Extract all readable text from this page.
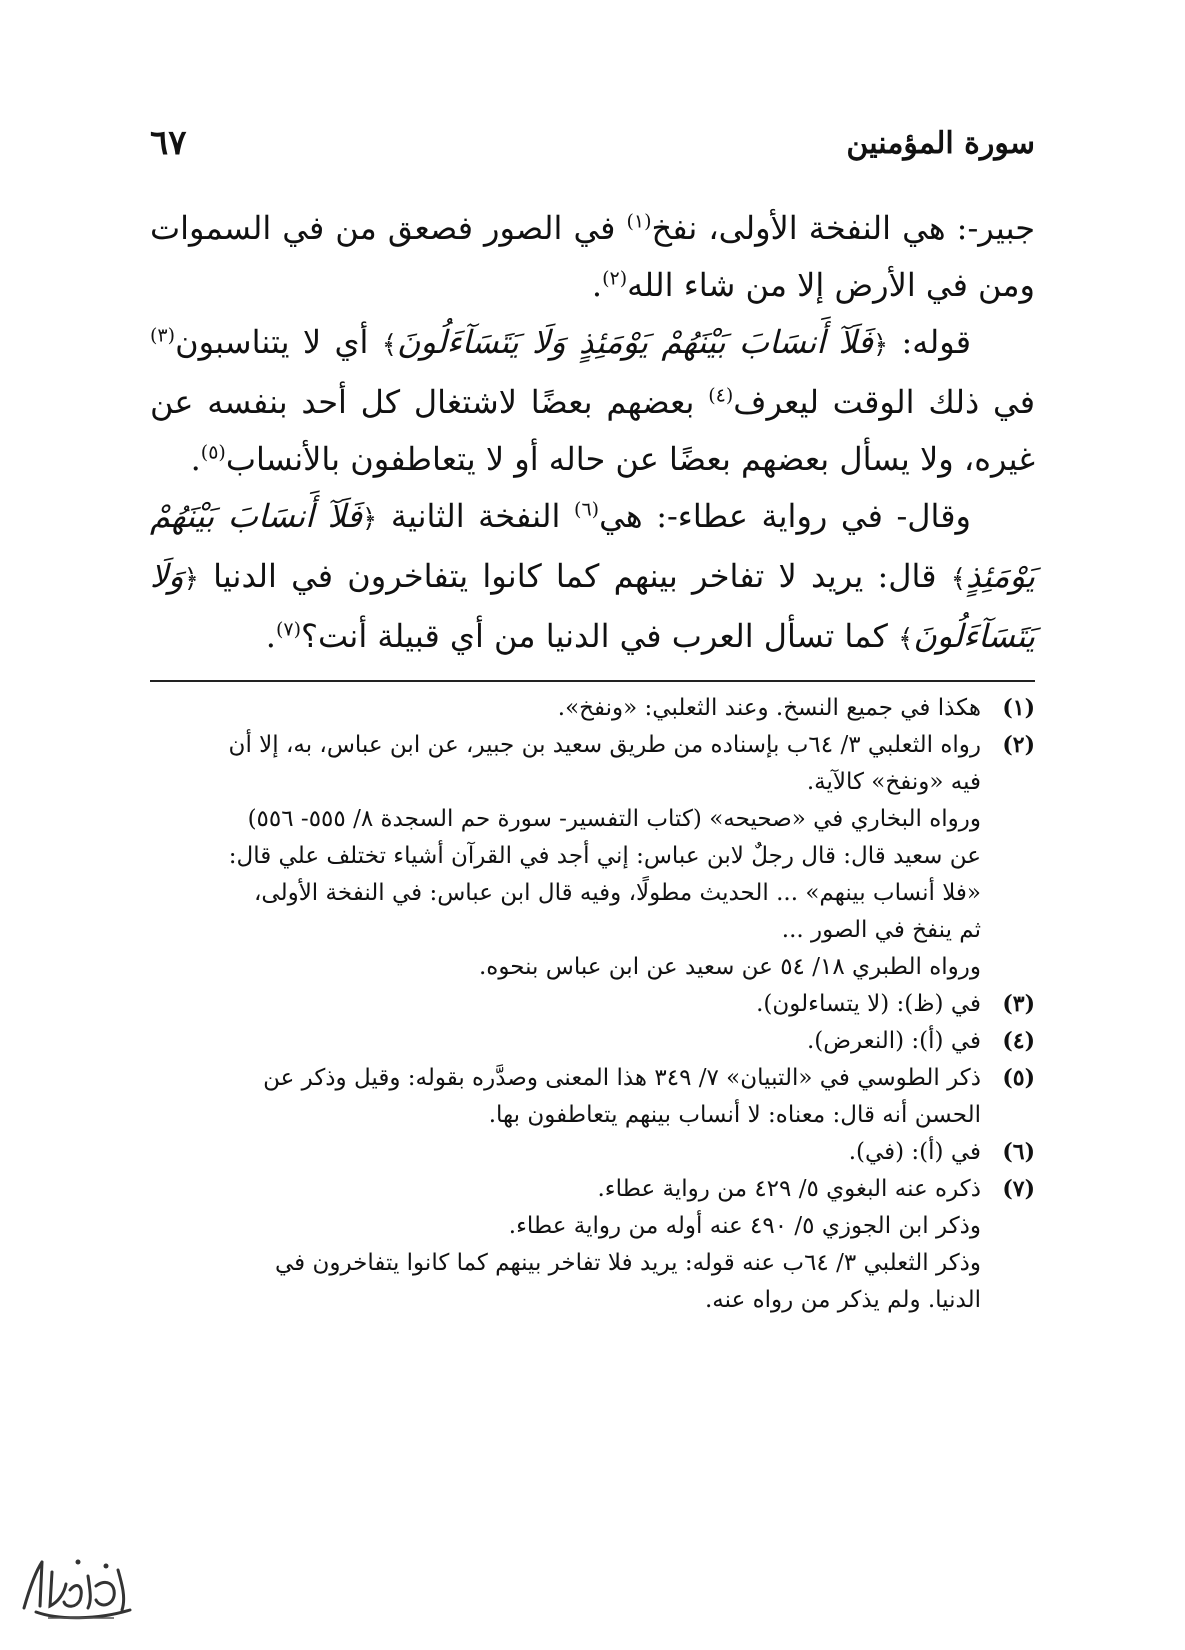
سورة المؤمنين
٦٧

جبير-: هي النفخة الأولى، نفخ$^{(١)}$ في الصور فصعق من في السموات ومن في الأرض إلا من شاء الله$^{(٢)}$.

قوله: ﴿فَلَآ أَنسَابَ بَيْنَهُمْ يَوْمَئِذٍ وَلَا يَتَسَآءَلُونَ﴾ أي لا يتناسبون$^{(٣)}$ في ذلك الوقت ليعرف$^{(٤)}$ بعضهم بعضًا لاشتغال كل أحد بنفسه عن غيره، ولا يسأل بعضهم بعضًا عن حاله أو لا يتعاطفون بالأنساب$^{(٥)}$.

وقال- في رواية عطاء-: هي$^{(٦)}$ النفخة الثانية ﴿فَلَآ أَنسَابَ بَيْنَهُمْ يَوْمَئِذٍ﴾ قال: يريد لا تفاخر بينهم كما كانوا يتفاخرون في الدنيا ﴿وَلَا يَتَسَآءَلُونَ﴾ كما تسأل العرب في الدنيا من أي قبيلة أنت؟$^{(٧)}$.

(١)
هكذا في جميع النسخ. وعند الثعلبي: «ونفخ».
(٢)
رواه الثعلبي ٣/ ٦٤ب بإسناده من طريق سعيد بن جبير، عن ابن عباس، به، إلا أن
فيه «ونفخ» كالآية.
ورواه البخاري في «صحيحه» (كتاب التفسير- سورة حم السجدة ٨/ ٥٥٥- ٥٥٦)
عن سعيد قال: قال رجلٌ لابن عباس: إني أجد في القرآن أشياء تختلف علي قال:
«فلا أنساب بينهم» ... الحديث مطولًا، وفيه قال ابن عباس: في النفخة الأولى،
ثم ينفخ في الصور ...
ورواه الطبري ١٨/ ٥٤ عن سعيد عن ابن عباس بنحوه.
(٣)
في (ظ): (لا يتساءلون).
(٤)
في (أ): (النعرض).
(٥)
ذكر الطوسي في «التبيان» ٧/ ٣٤٩ هذا المعنى وصدَّره بقوله: وقيل وذكر عن
الحسن أنه قال: معناه: لا أنساب بينهم يتعاطفون بها.
(٦)
في (أ): (في).
(٧)
ذكره عنه البغوي ٥/ ٤٢٩ من رواية عطاء.
وذكر ابن الجوزي ٥/ ٤٩٠ عنه أوله من رواية عطاء.
وذكر الثعلبي ٣/ ٦٤ب عنه قوله: يريد فلا تفاخر بينهم كما كانوا يتفاخرون في
الدنيا. ولم يذكر من رواه عنه.
